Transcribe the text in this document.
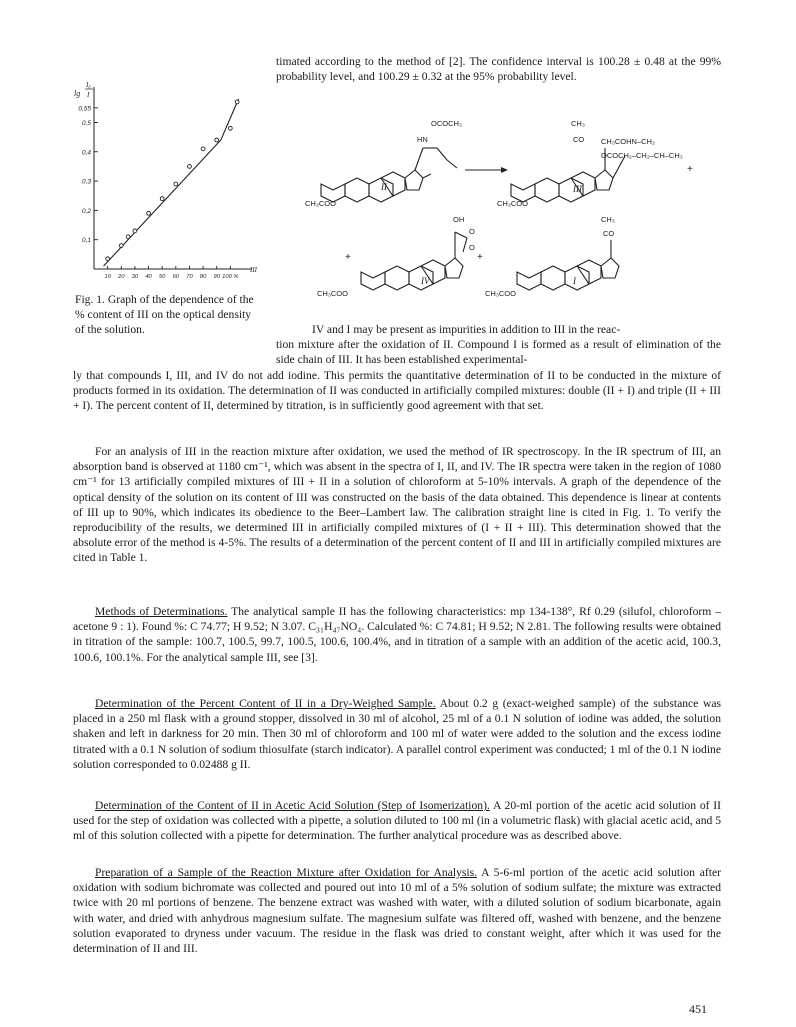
timated according to the method of [2]. The confidence interval is 100.28 ± 0.48 at the 99% probability level, and 100.29 ± 0.32 at the 95% probability level.

lg
I₀
I
0,1
0,2
0,3
0,4
0,5
0,55
10 20 30 40 50 60 70 80 90 100 %
III

Fig. 1. Graph of the dependence of the % content of III on the optical density of the solution.

OCOCH₃
HN
CH₃COO
II
CH₃
CO CH₃COHN–CH₂
OCOCH₂–CH₂–CH–CH₃
CH₃COO
III
+
+
OH
O
O
CH₃COO
IV
+
CH₃
CO
CH₃COO
I

IV and I may be present as impurities in addition to III in the reac-

tion mixture after the oxidation of II. Compound I is formed as a result of elimination of the side chain of III. It has been established experimental-

ly that compounds I, III, and IV do not add iodine. This permits the quantitative determination of II to be conducted in the mixture of products formed in its oxidation. The determination of II was conducted in artificially compiled mixtures: double (II + I) and triple (II + III + I). The percent content of II, determined by titration, is in sufficiently good agreement with that set.

For an analysis of III in the reaction mixture after oxidation, we used the method of IR spectroscopy. In the IR spectrum of III, an absorption band is observed at 1180 cm⁻¹, which was absent in the spectra of I, II, and IV. The IR spectra were taken in the region of 1080 cm⁻¹ for 13 artificially compiled mixtures of III + II in a solution of chloroform at 5-10% intervals. A graph of the dependence of the optical density of the solution on its content of III was constructed on the basis of the data obtained. This dependence is linear at contents of III up to 90%, which indicates its obedience to the Beer–Lambert law. The calibration straight line is cited in Fig. 1. To verify the reproducibility of the results, we determined III in artificially compiled mixtures of (I + II + III). This determination showed that the absolute error of the method is 4-5%. The results of a determination of the percent content of II and III in artificially compiled mixtures are cited in Table 1.

Methods of Determinations. The analytical sample II has the following characteristics: mp 134-138°, Rf 0.29 (silufol, chloroform – acetone 9 : 1). Found %: C 74.77; H 9.52; N 3.07. C₃₁H₄₇NO₄. Calculated %: C 74.81; H 9.52; N 2.81. The following results were obtained in titration of the sample: 100.7, 100.5, 99.7, 100.5, 100.6, 100.4%, and in titration of a sample with an addition of the acetic acid, 100.3, 100.6, 100.1%. For the analytical sample III, see [3].

Determination of the Percent Content of II in a Dry-Weighed Sample. About 0.2 g (exact-weighed sample) of the substance was placed in a 250 ml flask with a ground stopper, dissolved in 30 ml of alcohol, 25 ml of a 0.1 N solution of iodine was added, the solution shaken and left in darkness for 20 min. Then 30 ml of chloroform and 100 ml of water were added to the solution and the excess iodine titrated with a 0.1 N solution of sodium thiosulfate (starch indicator). A parallel control experiment was conducted; 1 ml of the 0.1 N iodine solution corresponded to 0.02488 g II.

Determination of the Content of II in Acetic Acid Solution (Step of Isomerization). A 20-ml portion of the acetic acid solution of II used for the step of oxidation was collected with a pipette, a solution diluted to 100 ml (in a volumetric flask) with glacial acetic acid, and 5 ml of this solution collected with a pipette for determination. The further analytical procedure was as described above.

Preparation of a Sample of the Reaction Mixture after Oxidation for Analysis. A 5-6-ml portion of the acetic acid solution after oxidation with sodium bichromate was collected and poured out into 10 ml of a 5% solution of sodium sulfate; the mixture was extracted twice with 20 ml portions of benzene. The benzene extract was washed with water, with a diluted solution of sodium bicarbonate, again with water, and dried with anhydrous magnesium sulfate. The magnesium sulfate was filtered off, washed with benzene, and the benzene solution evaporated to dryness under vacuum. The residue in the flask was dried to constant weight, after which it was used for the determination of II and III.

451
